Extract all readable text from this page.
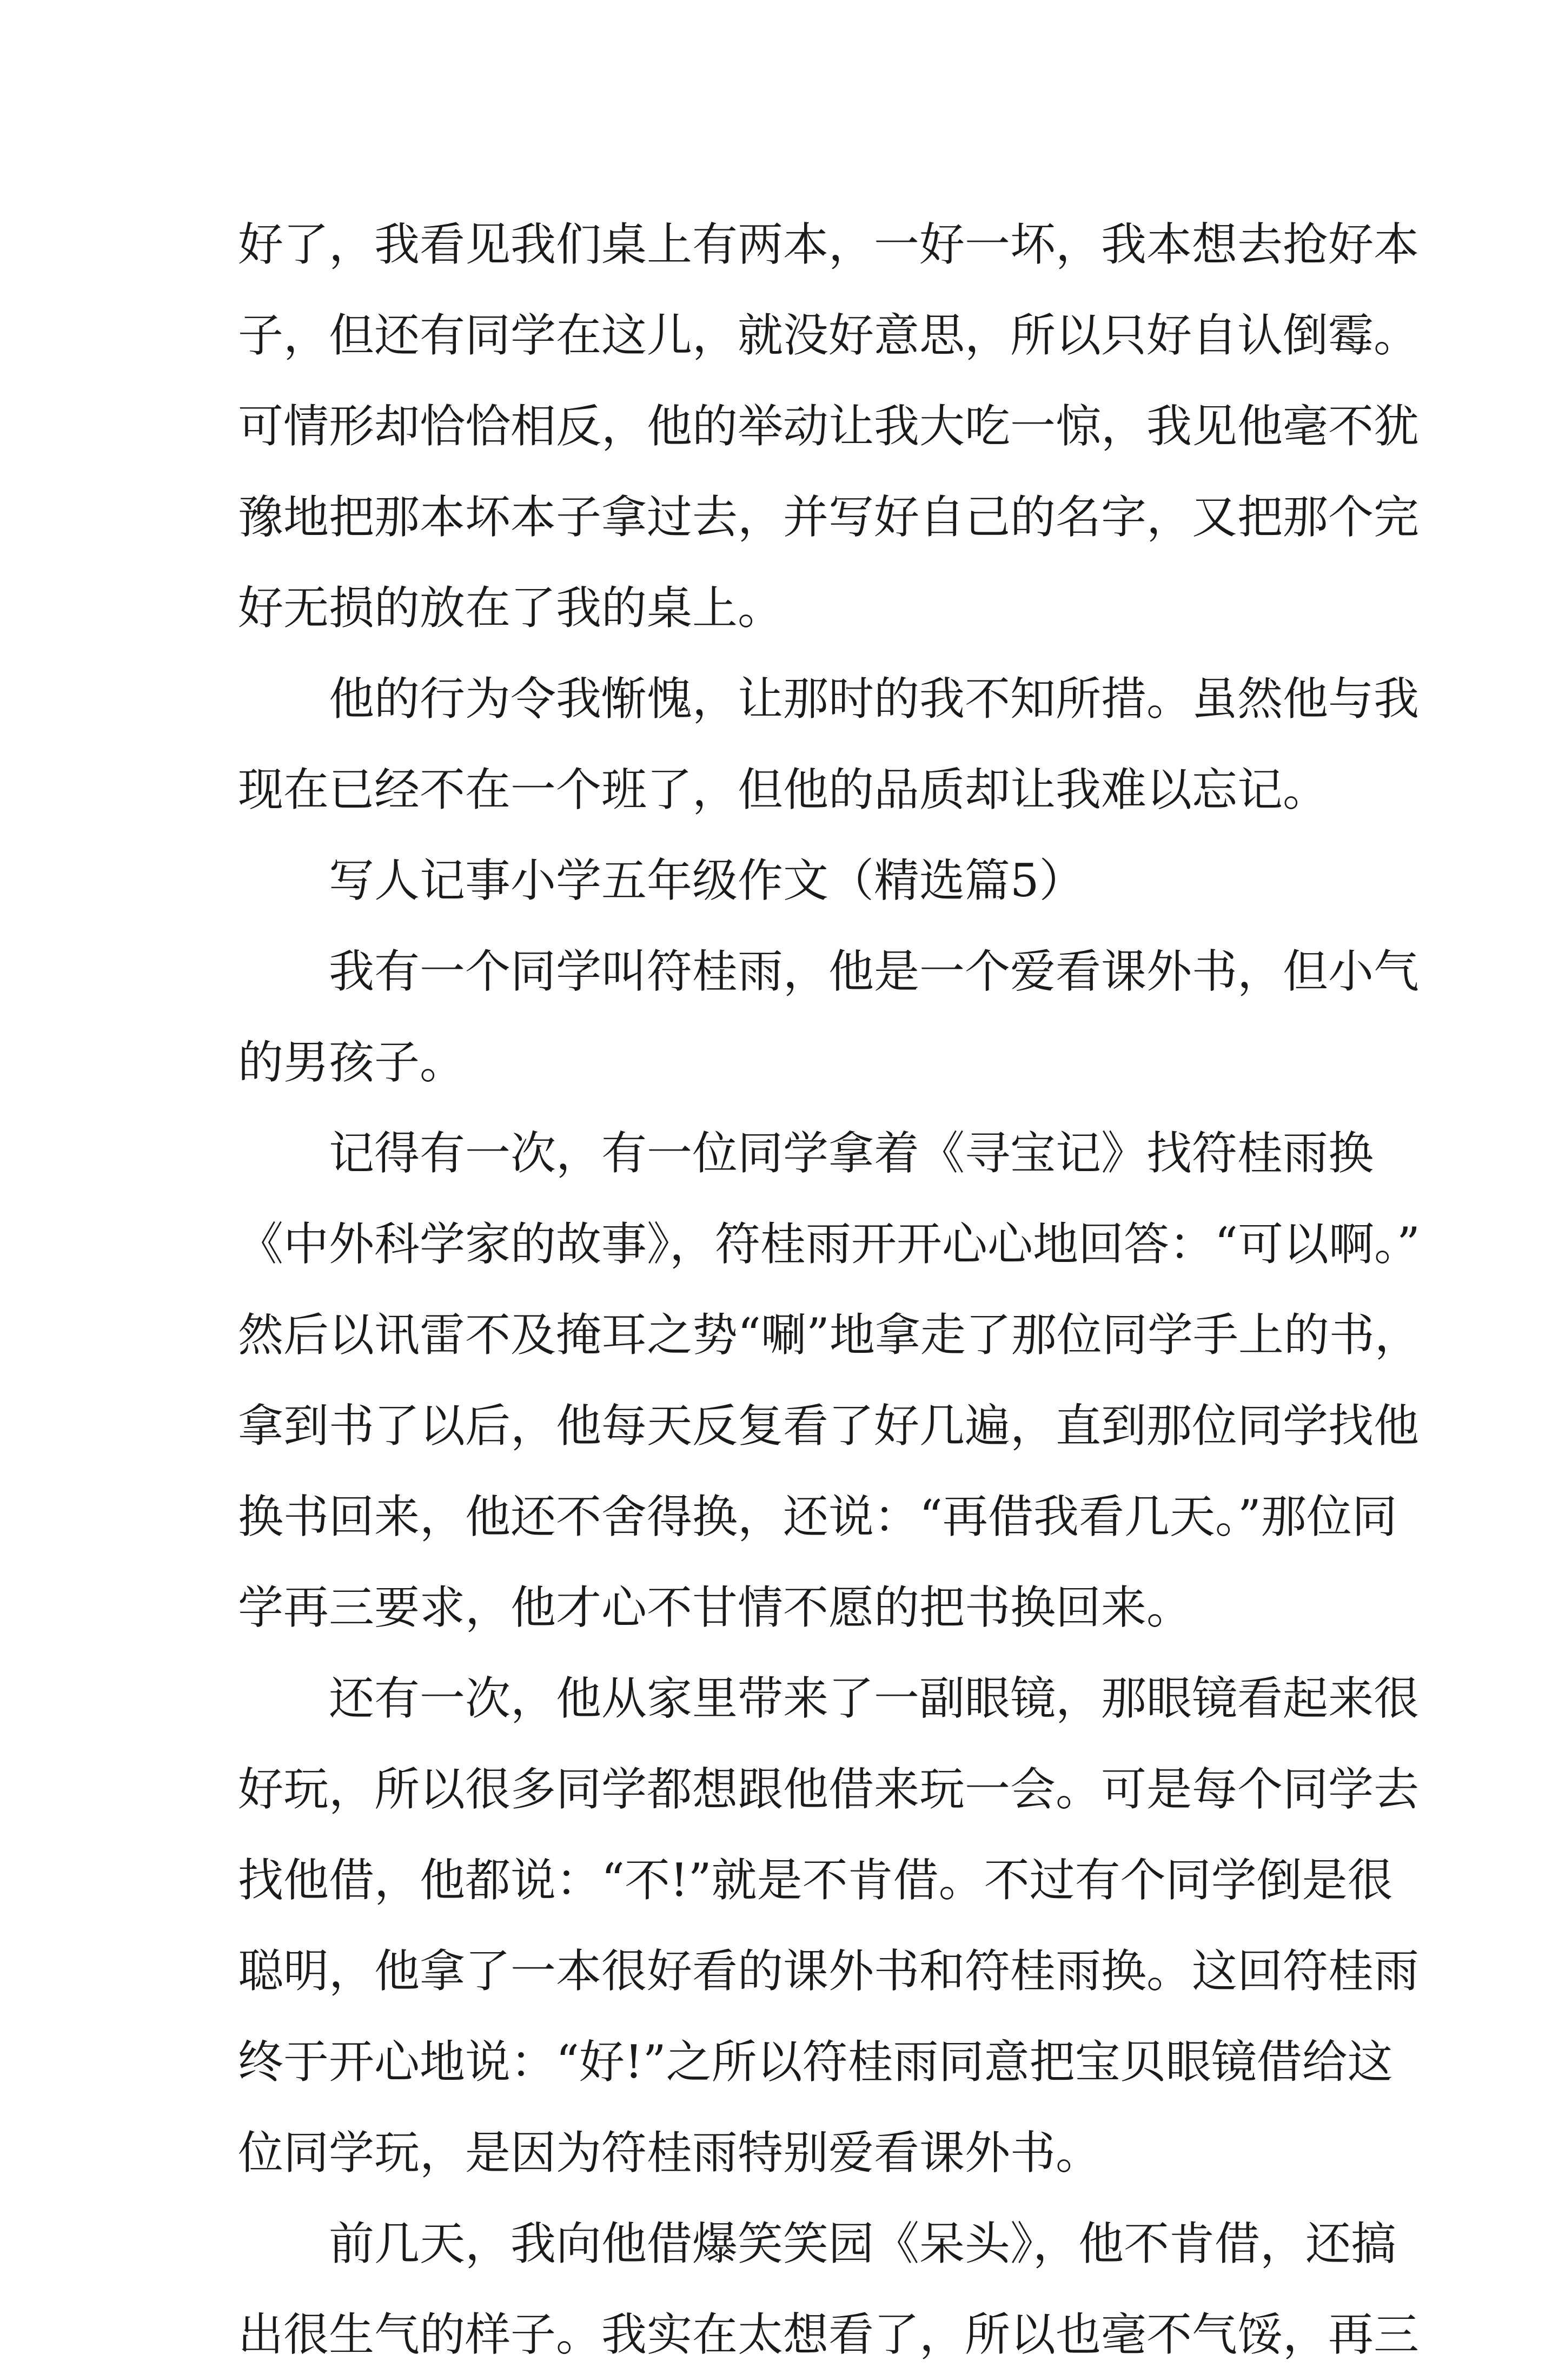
好了，我看见我们桌上有两本，一好一坏，我本想去抢好本
子，但还有同学在这儿，就没好意思，所以只好自认倒霉。
可情形却恰恰相反，他的举动让我大吃一惊，我见他毫不犹
豫地把那本坏本子拿过去，并写好自己的名字，又把那个完
好无损的放在了我的桌上。
他的行为令我惭愧，让那时的我不知所措。虽然他与我
现在已经不在一个班了，但他的品质却让我难以忘记。
写人记事小学五年级作文（精选篇5）
我有一个同学叫符桂雨，他是一个爱看课外书，但小气
的男孩子。
记得有一次，有一位同学拿着《寻宝记》找符桂雨换
《中外科学家的故事》，符桂雨开开心心地回答：“可以啊。”
然后以讯雷不及掩耳之势“唰”地拿走了那位同学手上的书，
拿到书了以后，他每天反复看了好几遍，直到那位同学找他
换书回来，他还不舍得换，还说：“再借我看几天。”那位同
学再三要求，他才心不甘情不愿的把书换回来。
还有一次，他从家里带来了一副眼镜，那眼镜看起来很
好玩，所以很多同学都想跟他借来玩一会。可是每个同学去
找他借，他都说：“不!”就是不肯借。不过有个同学倒是很
聪明，他拿了一本很好看的课外书和符桂雨换。这回符桂雨
终于开心地说：“好!”之所以符桂雨同意把宝贝眼镜借给这
位同学玩，是因为符桂雨特别爱看课外书。
前几天，我向他借爆笑笑园《呆头》，他不肯借，还搞
出很生气的样子。我实在太想看了，所以也毫不气馁，再三
